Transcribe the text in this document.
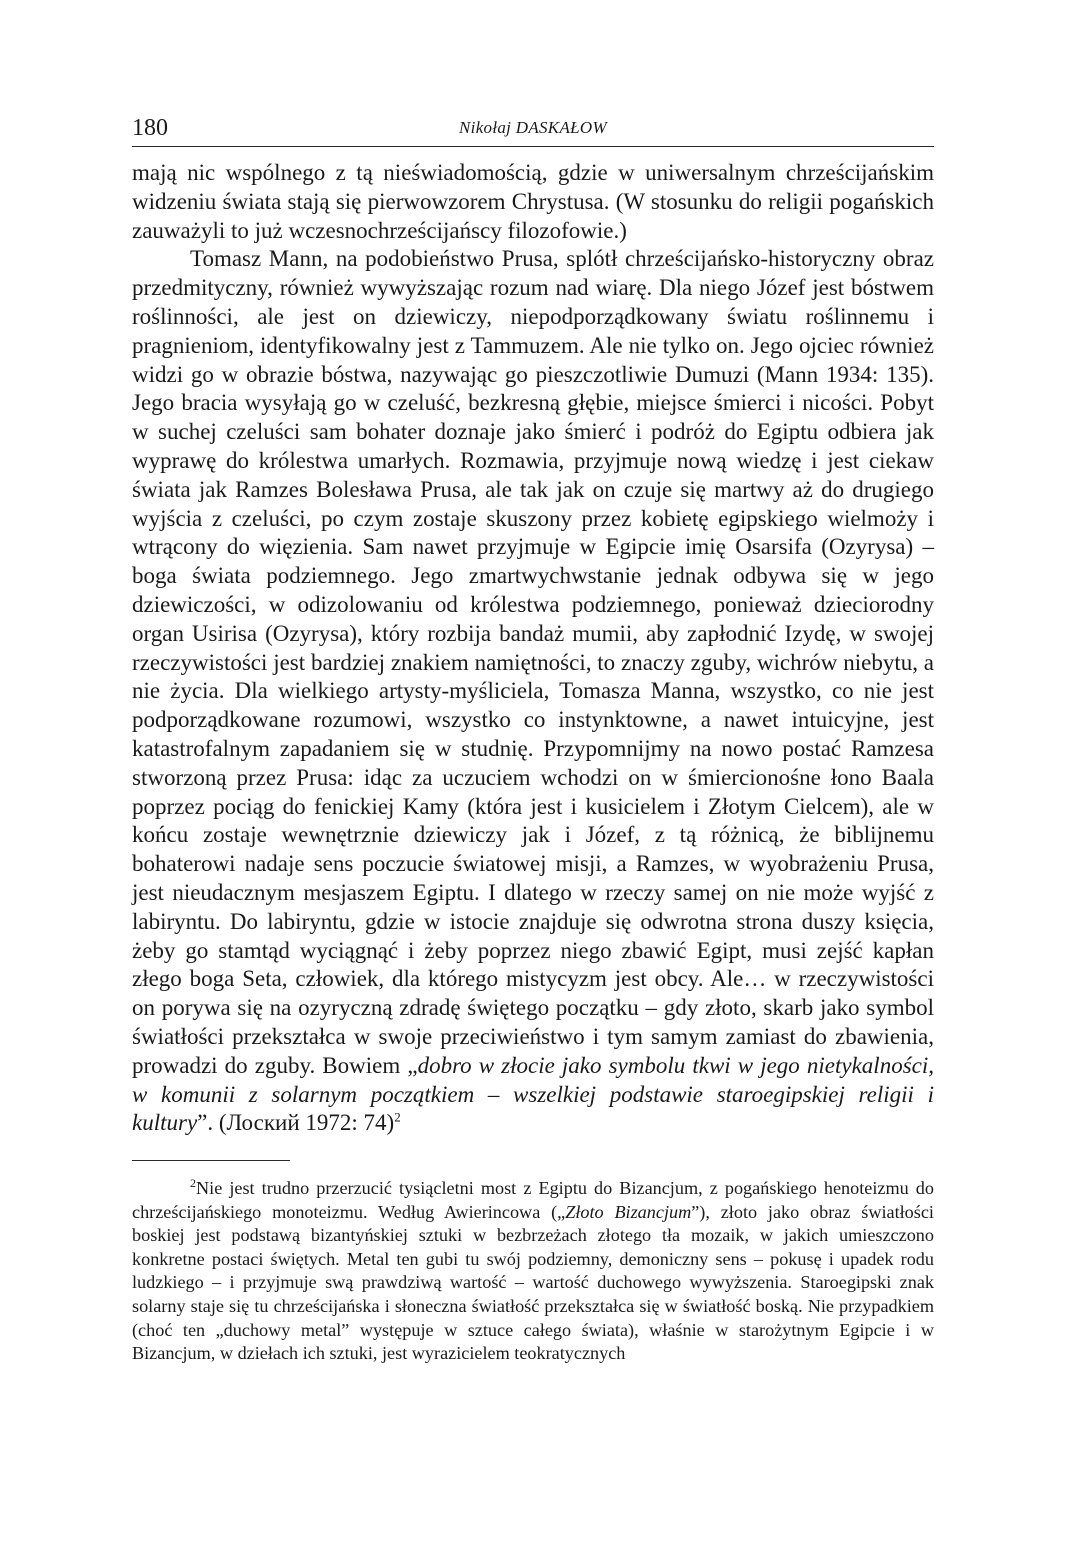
180	Nikołaj DASKAŁOW

mają nic wspólnego z tą nieświadomością, gdzie w uniwersalnym chrześcijańskim widzeniu świata stają się pierwowzorem Chrystusa. (W stosunku do religii pogańskich zauważyli to już wczesnochrześcijańscy filozofowie.)

Tomasz Mann, na podobieństwo Prusa, splótł chrześcijańsko-historyczny obraz przedmityczny, również wywyższając rozum nad wiarę. Dla niego Józef jest bóstwem roślinności, ale jest on dziewiczy, niepodporządkowany światu roślinnemu i pragnieniom, identyfikowalny jest z Tammuzem. Ale nie tylko on. Jego ojciec również widzi go w obrazie bóstwa, nazywając go pieszczotliwie Dumuzi (Mann 1934: 135). Jego bracia wysyłają go w czeluść, bezkresną głębie, miejsce śmierci i nicości. Pobyt w suchej czeluści sam bohater doznaje jako śmierć i podróż do Egiptu odbiera jak wyprawę do królestwa umarłych. Rozmawia, przyjmuje nową wiedzę i jest ciekaw świata jak Ramzes Bolesława Prusa, ale tak jak on czuje się martwy aż do drugiego wyjścia z czeluści, po czym zostaje skuszony przez kobietę egipskiego wielmoży i wtrącony do więzienia. Sam nawet przyjmuje w Egipcie imię Osarsifa (Ozyrysa) – boga świata podziemnego. Jego zmartwychwstanie jednak odbywa się w jego dziewiczości, w odizolowaniu od królestwa podziemnego, ponieważ dzieciorodny organ Usirisa (Ozyrysa), który rozbija bandaż mumii, aby zapłodnić Izydę, w swojej rzeczywistości jest bardziej znakiem namiętności, to znaczy zguby, wichrów niebytu, a nie życia. Dla wielkiego artysty-myśliciela, Tomasza Manna, wszystko, co nie jest podporządkowane rozumowi, wszystko co instynktowne, a nawet intuicyjne, jest katastrofalnym zapadaniem się w studnię. Przypomnijmy na nowo postać Ramzesa stworzoną przez Prusa: idąc za uczuciem wchodzi on w śmiercionośne łono Baala poprzez pociąg do fenickiej Kamy (która jest i kusicielem i Złotym Cielcem), ale w końcu zostaje wewnętrznie dziewiczy jak i Józef, z tą różnicą, że biblijnemu bohaterowi nadaje sens poczucie światowej misji, a Ramzes, w wyobrażeniu Prusa, jest nieudacznym mesjaszem Egiptu. I dlatego w rzeczy samej on nie może wyjść z labiryntu. Do labiryntu, gdzie w istocie znajduje się odwrotna strona duszy księcia, żeby go stamtąd wyciągnąć i żeby poprzez niego zbawić Egipt, musi zejść kapłan złego boga Seta, człowiek, dla którego mistycyzm jest obcy. Ale… w rzeczywistości on porywa się na ozyryczną zdradę świętego początku – gdy złoto, skarb jako symbol światłości przekształca w swoje przeciwieństwo i tym samym zamiast do zbawienia, prowadzi do zguby. Bowiem „dobro w złocie jako symbolu tkwi w jego nietykalności, w komunii z solarnym początkiem – wszelkiej podstawie staroegipskiej religii i kultury”. (Лоский 1972: 74)$^2$

$^2$Nie jest trudno przerzucić tysiącletni most z Egiptu do Bizancjum, z pogańskiego henoteizmu do chrześcijańskiego monoteizmu. Według Awierincowa („Złoto Bizancjum”), złoto jako obraz światłości boskiej jest podstawą bizantyńskiej sztuki w bezbrzeżach złotego tła mozaik, w jakich umieszczono konkretne postaci świętych. Metal ten gubi tu swój podziemny, demoniczny sens – pokusę i upadek rodu ludzkiego – i przyjmuje swą prawdziwą wartość – wartość duchowego wywyższenia. Staroegipski znak solarny staje się tu chrześcijańska i słoneczna światłość przekształca się w światłość boską. Nie przypadkiem (choć ten „duchowy metal” występuje w sztuce całego świata), właśnie w starożytnym Egipcie i w Bizancjum, w dziełach ich sztuki, jest wyrazicielem teokratycznych
